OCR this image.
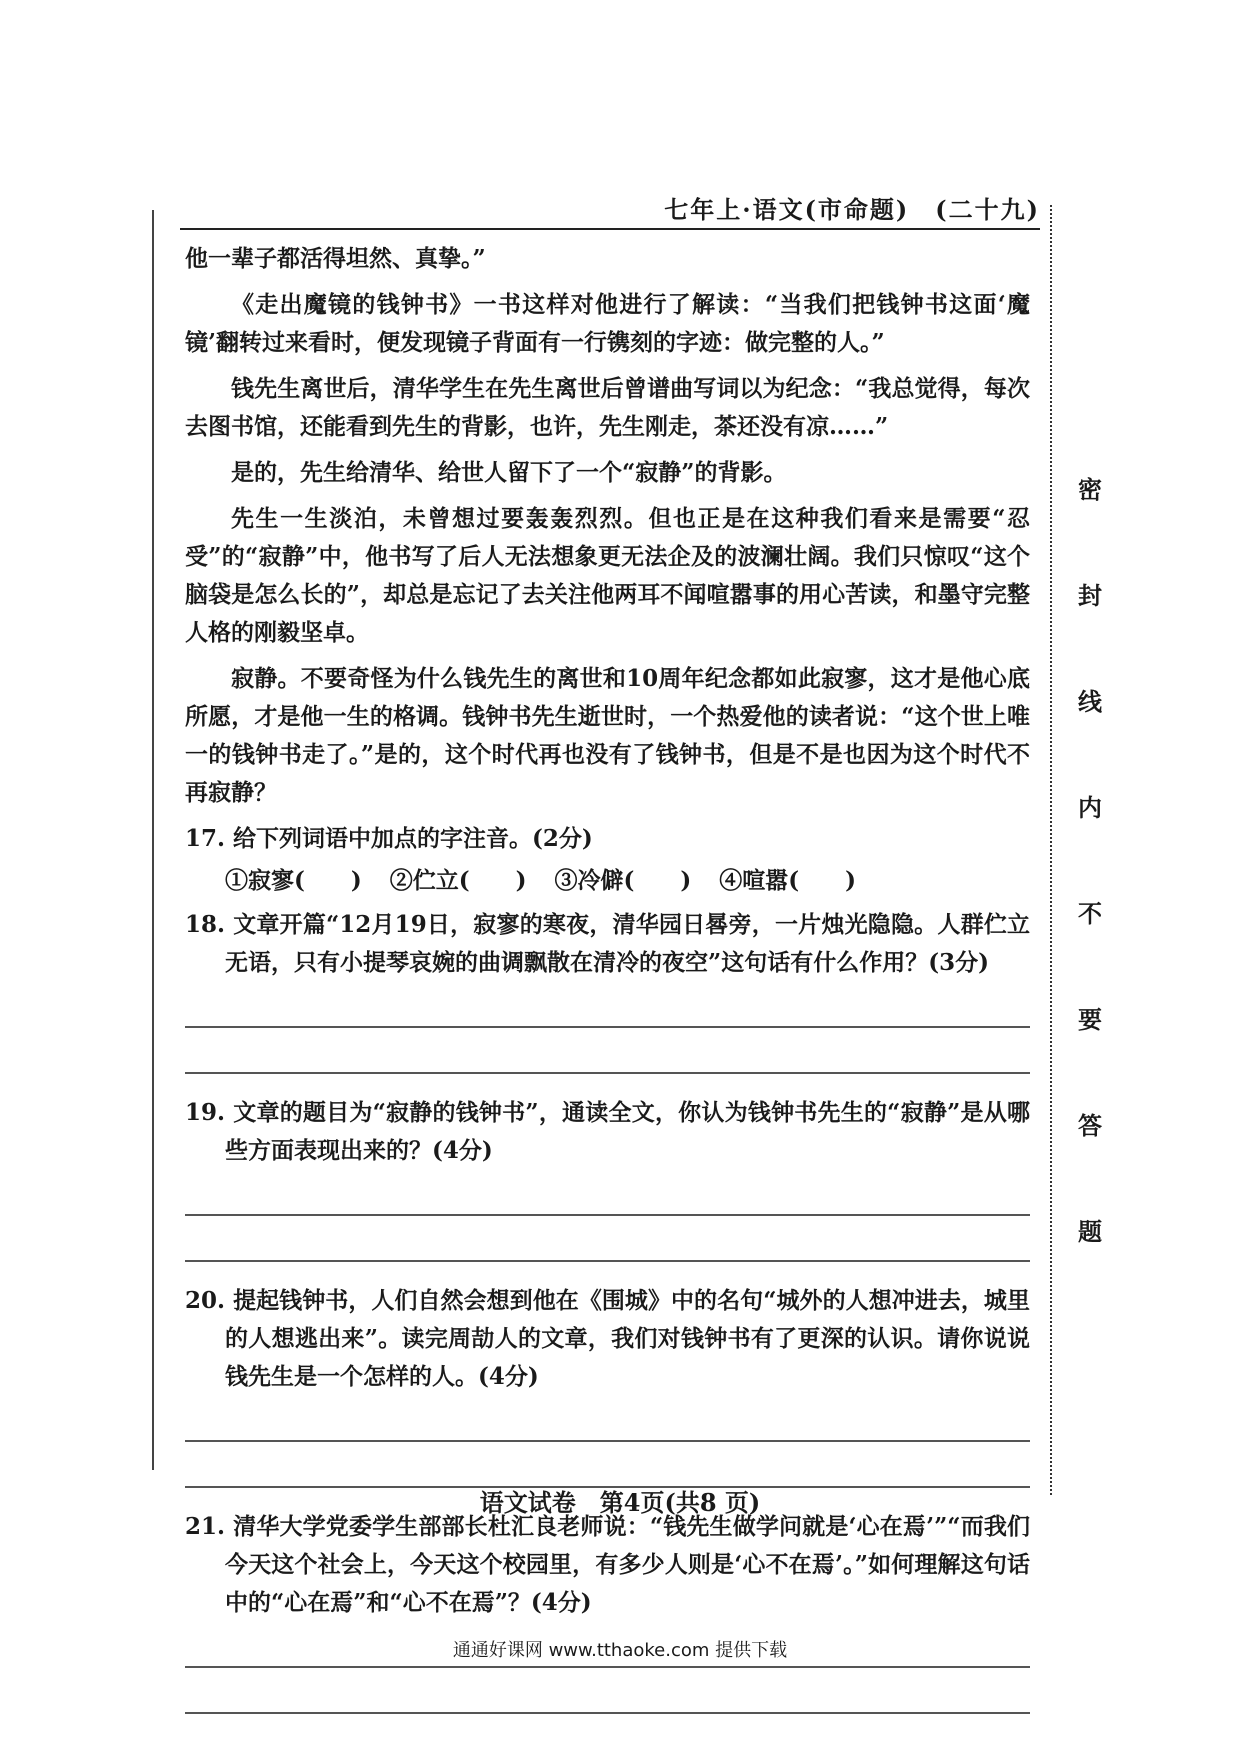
七年上·语文(市命题)　(二十九)

他一辈子都活得坦然、真挚。”

《走出魔镜的钱钟书》一书这样对他进行了解读：“当我们把钱钟书这面‘魔镜’翻转过来看时，便发现镜子背面有一行镌刻的字迹：做完整的人。”

钱先生离世后，清华学生在先生离世后曾谱曲写词以为纪念：“我总觉得，每次去图书馆，还能看到先生的背影，也许，先生刚走，茶还没有凉……”

是的，先生给清华、给世人留下了一个“寂静”的背影。

先生一生淡泊，未曾想过要轰轰烈烈。但也正是在这种我们看来是需要“忍受”的“寂静”中，他书写了后人无法想象更无法企及的波澜壮阔。我们只惊叹“这个脑袋是怎么长的”，却总是忘记了去关注他两耳不闻喧嚣事的用心苦读，和墨守完整人格的刚毅坚卓。

寂静。不要奇怪为什么钱先生的离世和10周年纪念都如此寂寥，这才是他心底所愿，才是他一生的格调。钱钟书先生逝世时，一个热爱他的读者说：“这个世上唯一的钱钟书走了。”是的，这个时代再也没有了钱钟书，但是不是也因为这个时代不再寂静？

17. 给下列词语中加点的字注音。(2分)

①寂寥(　　) ②伫立(　　) ③冷僻(　　) ④喧嚣(　　)

18. 文章开篇“12月19日，寂寥的寒夜，清华园日晷旁，一片烛光隐隐。人群伫立无语，只有小提琴哀婉的曲调飘散在清冷的夜空”这句话有什么作用？(3分)

19. 文章的题目为“寂静的钱钟书”，通读全文，你认为钱钟书先生的“寂静”是从哪些方面表现出来的？(4分)

20. 提起钱钟书，人们自然会想到他在《围城》中的名句“城外的人想冲进去，城里的人想逃出来”。读完周劼人的文章，我们对钱钟书有了更深的认识。请你说说钱先生是一个怎样的人。(4分)

21. 清华大学党委学生部部长杜汇良老师说：“钱先生做学问就是‘心在焉’”“而我们今天这个社会上，今天这个校园里，有多少人则是‘心不在焉’。”如何理解这句话中的“心在焉”和“心不在焉”？(4分)

密
封
线
内
不
要
答
题
语文试卷　第4页(共8 页)
通通好课网 www.tthaoke.com 提供下载
